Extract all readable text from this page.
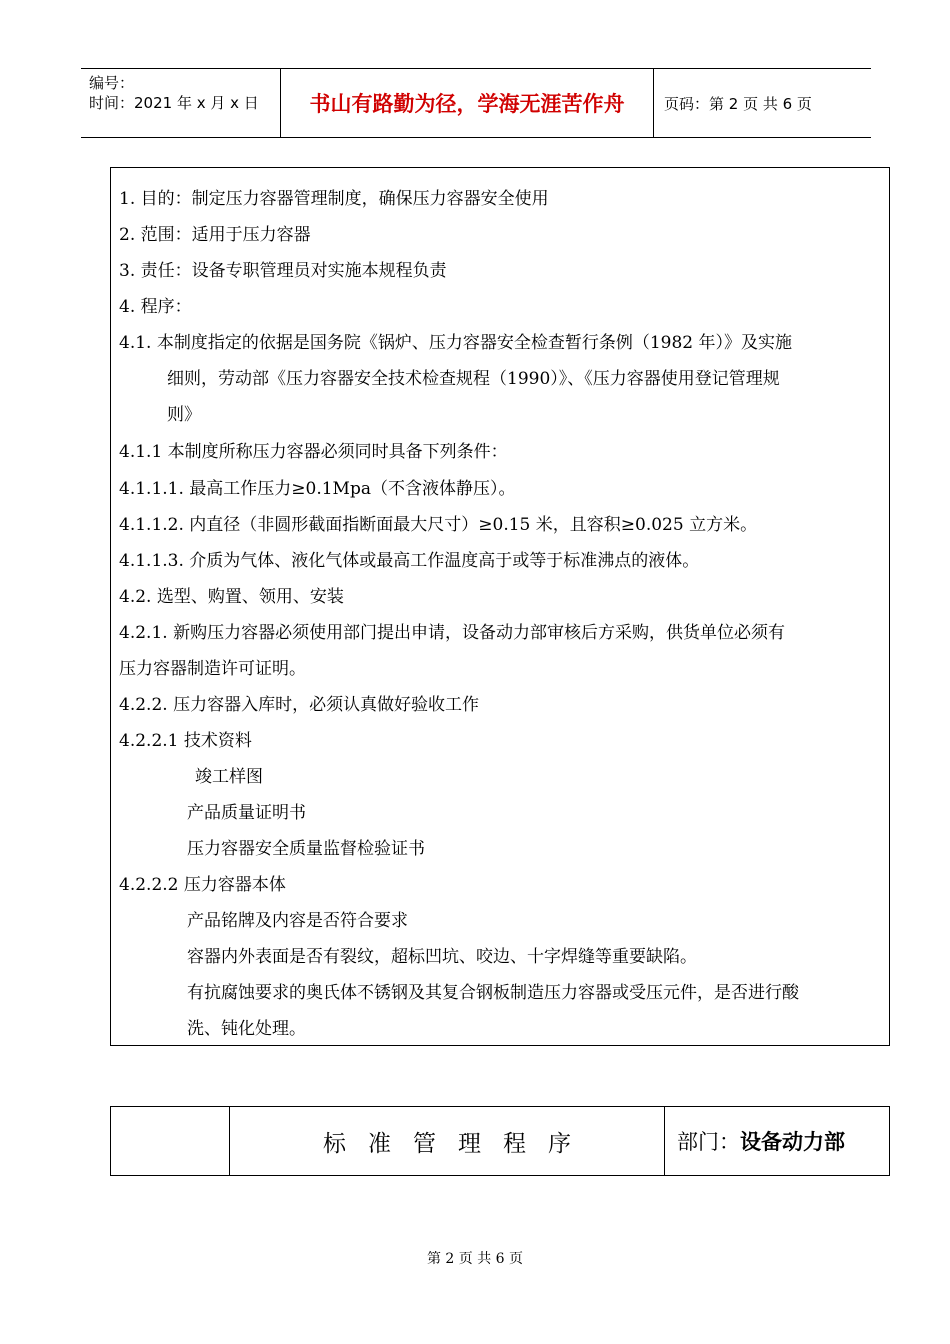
编号：
时间：2021 年 x 月 x 日	书山有路勤为径，学海无涯苦作舟	页码：第 2 页 共 6 页
1. 目的：制定压力容器管理制度，确保压力容器安全使用
2. 范围：适用于压力容器
3. 责任：设备专职管理员对实施本规程负责
4. 程序：
4.1. 本制度指定的依据是国务院《锅炉、压力容器安全检查暂行条例（1982 年）》及实施
细则，劳动部《压力容器安全技术检查规程（1990）》、《压力容器使用登记管理规
则》
4.1.1 本制度所称压力容器必须同时具备下列条件：
4.1.1.1. 最高工作压力≥0.1Mpa（不含液体静压）。
4.1.1.2. 内直径（非圆形截面指断面最大尺寸）≥0.15 米，且容积≥0.025 立方米。
4.1.1.3. 介质为气体、液化气体或最高工作温度高于或等于标准沸点的液体。
4.2. 选型、购置、领用、安装
4.2.1. 新购压力容器必须使用部门提出申请，设备动力部审核后方采购，供货单位必须有
压力容器制造许可证明。
4.2.2. 压力容器入库时，必须认真做好验收工作
4.2.2.1 技术资料
竣工样图
产品质量证明书
压力容器安全质量监督检验证书
4.2.2.2 压力容器本体
产品铭牌及内容是否符合要求
容器内外表面是否有裂纹，超标凹坑、咬边、十字焊缝等重要缺陷。
有抗腐蚀要求的奥氏体不锈钢及其复合钢板制造压力容器或受压元件，是否进行酸
洗、钝化处理。
标准管理程序	部门： 设备动力部
第 2 页 共 6 页
